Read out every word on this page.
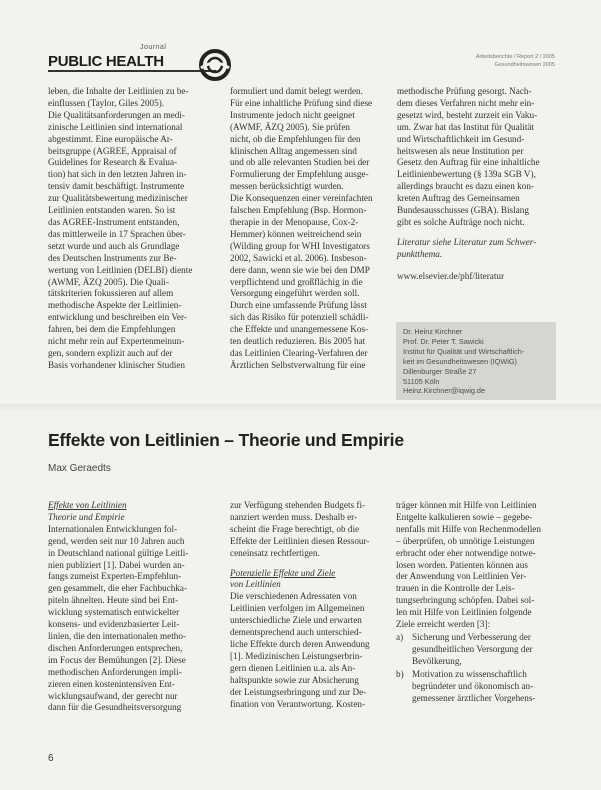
Journal
PUBLIC HEALTH	Arbeitsberichte / Report 2 / 2005
Gesundheitswesen 2005

leben, die Inhalte der Leitlinien zu be-

einflussen (Taylor, Giles 2005).

Die Qualitätsanforderungen an medi-

zinische Leitlinien sind international

abgestimmt. Eine europäische Ar-

beitsgruppe (AGREE, Appraisal of

Guidelines for Research & Evalua-

tion) hat sich in den letzten Jahren in-

tensiv damit beschäftigt. Instrumente

zur Qualitätsbewertung medizinischer

Leitlinien entstanden waren. So ist

das AGREE-Instrument entstanden,

das mittlerweile in 17 Sprachen über-

setzt wurde und auch als Grundlage

des Deutschen Instruments zur Be-

wertung von Leitlinien (DELBI) diente

(AWMF, ÄZQ 2005). Die Quali-

tätskriterien fokussieren auf allem

methodische Aspekte der Leitlinien-

entwicklung und beschreiben ein Ver-

fahren, bei dem die Empfehlungen

nicht mehr rein auf Expertenmeinun-

gen, sondern explizit auch auf der

Basis vorhandener klinischer Studien

formuliert und damit belegt werden.

Für eine inhaltliche Prüfung sind diese

Instrumente jedoch nicht geeignet

(AWMF, ÄZQ 2005). Sie prüfen

nicht, ob die Empfehlungen für den

klinischen Alltag angemessen sind

und ob alle relevanten Studien bei der

Formulierung der Empfehlung ausge-

messen berücksichtigt wurden.

Die Konsequenzen einer vereinfachten

falschen Empfehlung (Bsp. Hormon-

therapie in der Menopause, Cox-2-

Hemmer) können weitreichend sein

(Wilding group for WHI Investigators

2002, Sawicki et al. 2006). Insbeson-

dere dann, wenn sie wie bei den DMP

verpflichtend und großflächig in die

Versorgung eingeführt werden soll.

Durch eine umfassende Prüfung lässt

sich das Risiko für potenziell schädli-

che Effekte und unangemessene Kos-

ten deutlich reduzieren. Bis 2005 hat

das Leitlinien Clearing-Verfahren der

Ärztlichen Selbstverwaltung für eine

methodische Prüfung gesorgt. Nach-

dem dieses Verfahren nicht mehr ein-

gesetzt wird, besteht zurzeit ein Vaku-

um. Zwar hat das Institut für Qualität

und Wirtschaftlichkeit im Gesund-

heitswesen als neue Institution per

Gesetz den Auftrag für eine inhaltliche

Leitlinienbewertung (§ 139a SGB V),

allerdings braucht es dazu einen kon-

kreten Auftrag des Gemeinsamen

Bundesausschusses (GBA). Bislang

gibt es solche Aufträge noch nicht.

Literatur siehe Literatur zum Schwer-

punktthema.

www.elsevier.de/phf/literatur

Dr. Heinz Kirchner
Prof. Dr. Peter T. Sawicki
Institut für Qualität und Wirtschaftlich-
keit im Gesundheitswesen (IQWiG)
Dillenburger Straße 27
51105 Köln
Heinz.Kirchner@iqwig.de
Effekte von Leitlinien – Theorie und Empirie
Max Geraedts

Effekte von Leitlinien

Theorie und Empirie

Internationalen Entwicklungen fol-

gend, werden seit nur 10 Jahren auch

in Deutschland national gültige Leitli-

nien publiziert [1]. Dabei wurden an-

fangs zumeist Experten-Empfehlun-

gen gesammelt, die eher Fachbuchka-

piteln ähnelten. Heute sind bei Ent-

wicklung systematisch entwickelter

konsens- und evidenzbasierter Leit-

linien, die den internationalen metho-

dischen Anforderungen entsprechen,

im Focus der Bemühungen [2]. Diese

methodischen Anforderungen impli-

zieren einen kostenintensiven Ent-

wicklungsaufwand, der gerecht nur

dann für die Gesundheitsversorgung

zur Verfügung stehenden Budgets fi-

nanziert werden muss. Deshalb er-

scheint die Frage berechtigt, ob die

Effekte der Leitlinien diesen Ressour-

ceneinsatz rechtfertigen.

Potenzielle Effekte und Ziele

von Leitlinien

Die verschiedenen Adressaten von

Leitlinien verfolgen im Allgemeinen

unterschiedliche Ziele und erwarten

dementsprechend auch unterschied-

liche Effekte durch deren Anwendung

[1]. Medizinischen Leistungserbrin-

gern dienen Leitlinien u.a. als An-

haltspunkte sowie zur Absicherung

der Leistungserbringung und zur De-

fination von Verantwortung. Kosten-

träger können mit Hilfe von Leitlinien

Entgelte kalkulieren sowie – gegebe-

nenfalls mit Hilfe von Rechenmodellen

– überprüfen, ob unnötige Leistungen

erbracht oder eher notwendige notwe-

losen worden. Patienten können aus

der Anwendung von Leitlinien Ver-

trauen in die Kontrolle der Leis-

tungserbringung schöpfen. Dabei sol-

len mit Hilfe von Leitlinien folgende

Ziele erreicht werden [3]:

a) Sicherung und Verbesserung der

gesundheitlichen Versorgung der

Bevölkerung,

b) Motivation zu wissenschaftlich

begründeter und ökonomisch an-

gemessener ärztlicher Vorgehens-

6
